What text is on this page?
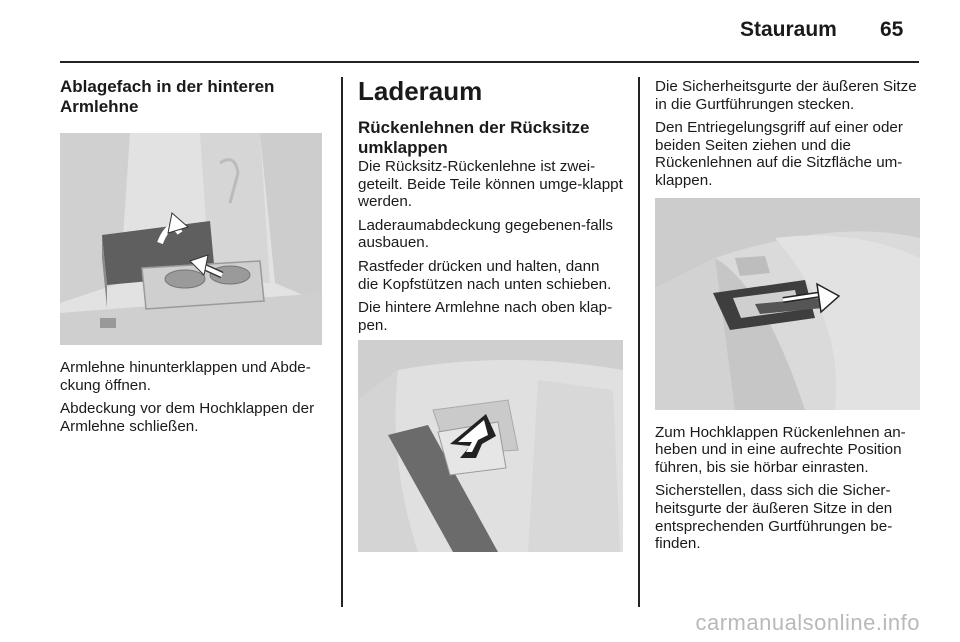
Stauraum 65
Ablagefach in der hinteren Armlehne

Armlehne hinunterklappen und Abde-ckung öffnen.

Abdeckung vor dem Hochklappen der Armlehne schließen.

Laderaum
Rückenlehnen der Rücksitze umklappen

Die Rücksitz-Rückenlehne ist zwei-geteilt. Beide Teile können umge-klappt werden.

Laderaumabdeckung gegebenen-falls ausbauen.

Rastfeder drücken und halten, dann die Kopfstützen nach unten schieben.

Die hintere Armlehne nach oben klap-pen.

Die Sicherheitsgurte der äußeren Sitze in die Gurtführungen stecken.

Den Entriegelungsgriff auf einer oder beiden Seiten ziehen und die Rückenlehnen auf die Sitzfläche um-klappen.

Zum Hochklappen Rückenlehnen an-heben und in eine aufrechte Position führen, bis sie hörbar einrasten.

Sicherstellen, dass sich die Sicher-heitsgurte der äußeren Sitze in den entsprechenden Gurtführungen be-finden.

carmanualsonline.info
